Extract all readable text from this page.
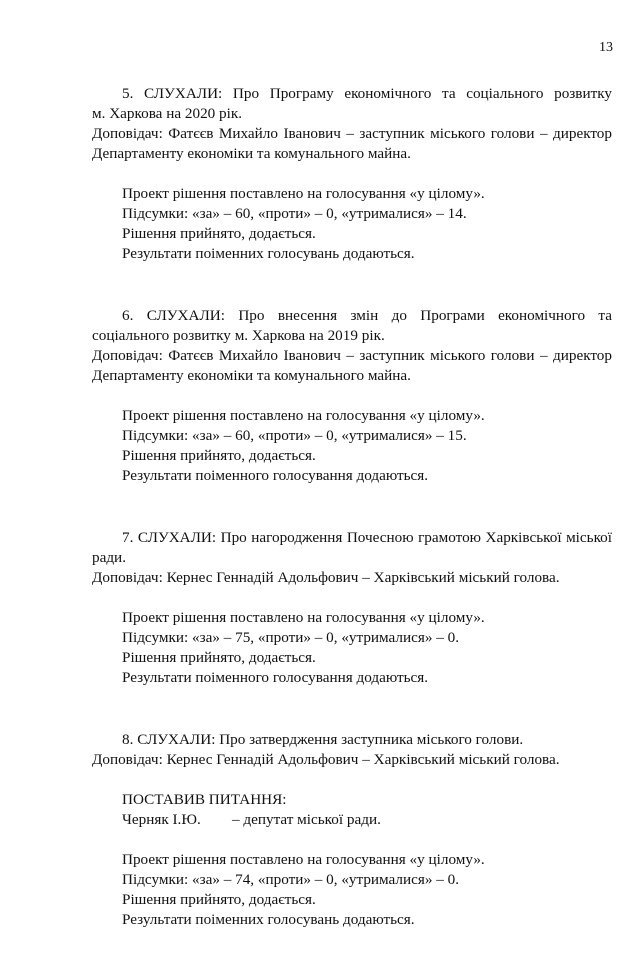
13

5. СЛУХАЛИ: Про Програму економічного та соціального розвитку

м. Харкова на 2020 рік.

Доповідач: Фатєєв Михайло Іванович – заступник міського голови – директор

Департаменту економіки та комунального майна.

Проект рішення поставлено на голосування «у цілому».

Підсумки: «за» – 60, «проти» – 0, «утрималися» – 14.

Рішення прийнято, додається.

Результати поіменних голосувань додаються.

6. СЛУХАЛИ: Про внесення змін до Програми економічного та

соціального розвитку м. Харкова на 2019 рік.

Доповідач: Фатєєв Михайло Іванович – заступник міського голови – директор

Департаменту економіки та комунального майна.

Проект рішення поставлено на голосування «у цілому».

Підсумки: «за» – 60, «проти» – 0, «утрималися» – 15.

Рішення прийнято, додається.

Результати поіменного голосування додаються.

7. СЛУХАЛИ: Про нагородження Почесною грамотою Харківської міської

ради.

Доповідач: Кернес Геннадій Адольфович – Харківський міський голова.

Проект рішення поставлено на голосування «у цілому».

Підсумки: «за» – 75, «проти» – 0, «утрималися» – 0.

Рішення прийнято, додається.

Результати поіменного голосування додаються.

8. СЛУХАЛИ: Про затвердження заступника міського голови.

Доповідач: Кернес Геннадій Адольфович – Харківський міський голова.

ПОСТАВИВ ПИТАННЯ:

Черняк І.Ю.	– депутат міської ради.

Проект рішення поставлено на голосування «у цілому».

Підсумки: «за» – 74, «проти» – 0, «утрималися» – 0.

Рішення прийнято, додається.

Результати поіменних голосувань додаються.
